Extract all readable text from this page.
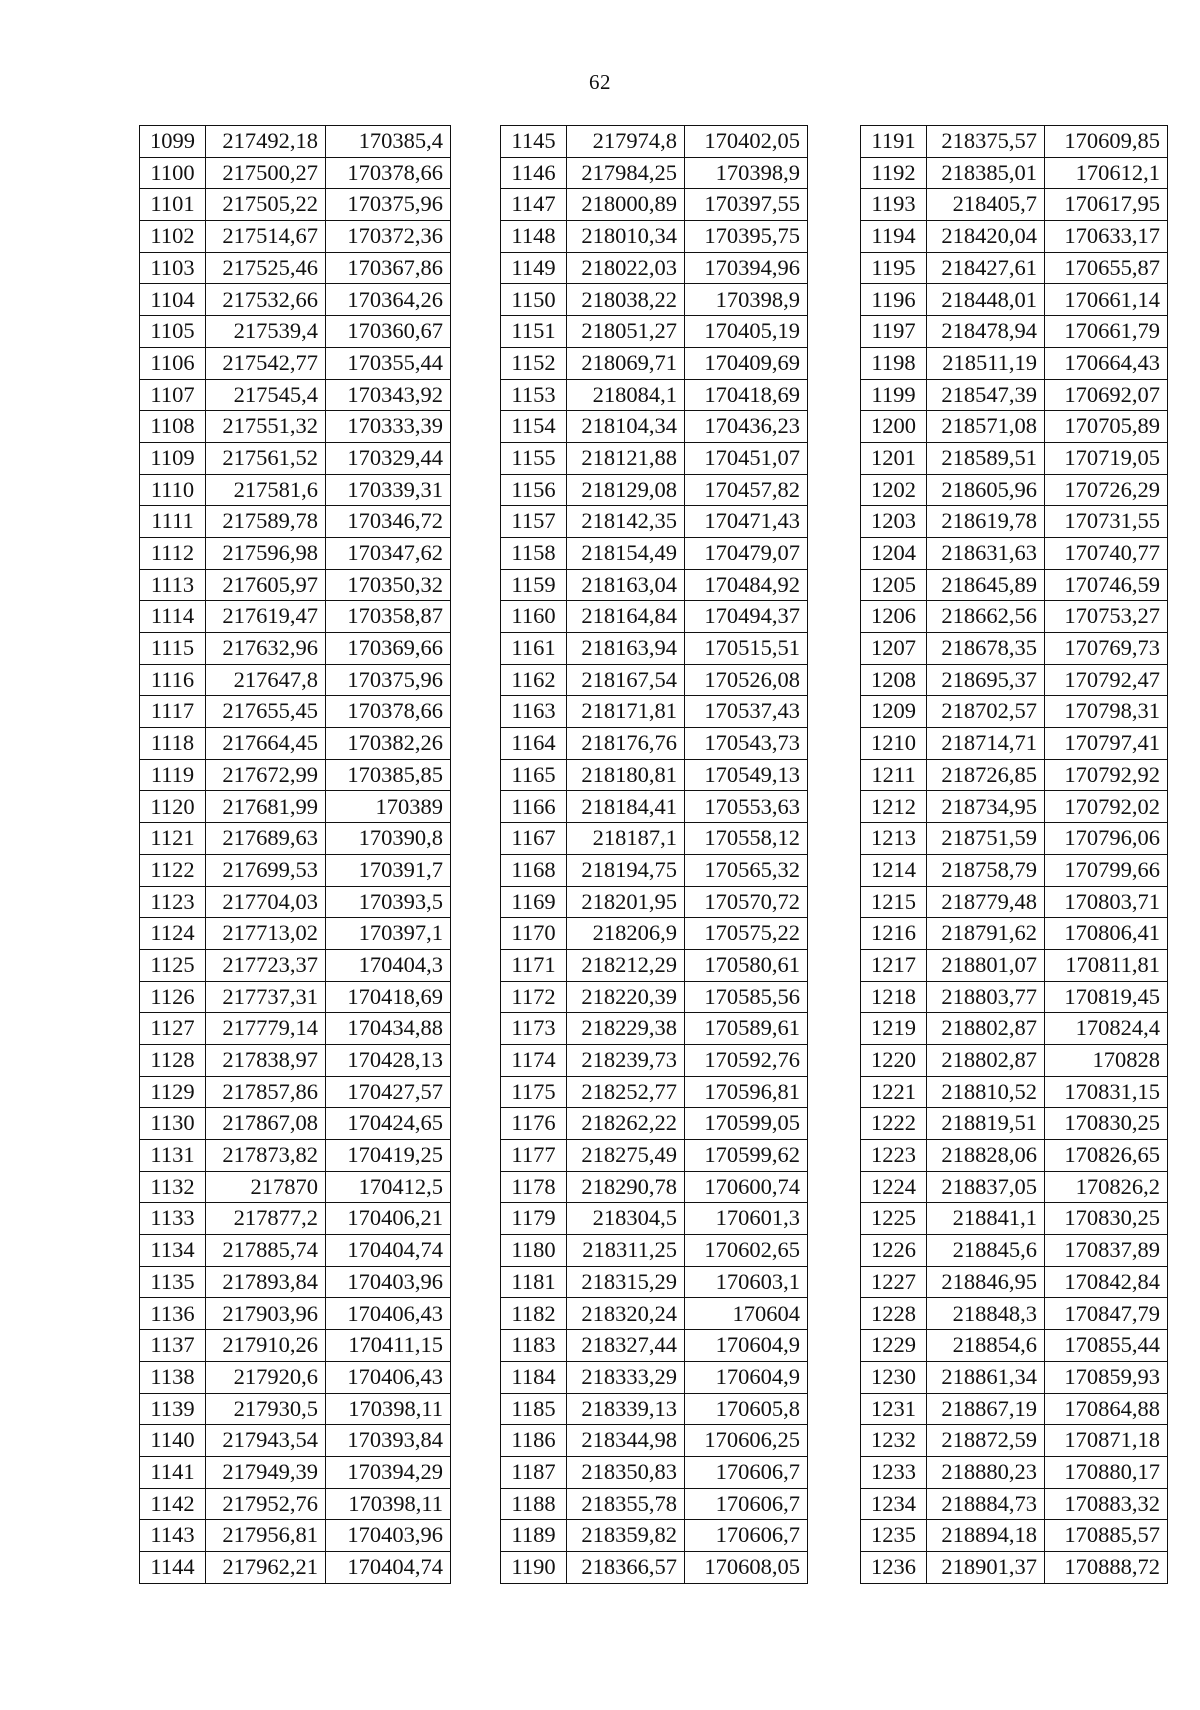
62
1099	217492,18	170385,4
1100	217500,27	170378,66
1101	217505,22	170375,96
1102	217514,67	170372,36
1103	217525,46	170367,86
1104	217532,66	170364,26
1105	217539,4	170360,67
1106	217542,77	170355,44
1107	217545,4	170343,92
1108	217551,32	170333,39
1109	217561,52	170329,44
1110	217581,6	170339,31
1111	217589,78	170346,72
1112	217596,98	170347,62
1113	217605,97	170350,32
1114	217619,47	170358,87
1115	217632,96	170369,66
1116	217647,8	170375,96
1117	217655,45	170378,66
1118	217664,45	170382,26
1119	217672,99	170385,85
1120	217681,99	170389
1121	217689,63	170390,8
1122	217699,53	170391,7
1123	217704,03	170393,5
1124	217713,02	170397,1
1125	217723,37	170404,3
1126	217737,31	170418,69
1127	217779,14	170434,88
1128	217838,97	170428,13
1129	217857,86	170427,57
1130	217867,08	170424,65
1131	217873,82	170419,25
1132	217870	170412,5
1133	217877,2	170406,21
1134	217885,74	170404,74
1135	217893,84	170403,96
1136	217903,96	170406,43
1137	217910,26	170411,15
1138	217920,6	170406,43
1139	217930,5	170398,11
1140	217943,54	170393,84
1141	217949,39	170394,29
1142	217952,76	170398,11
1143	217956,81	170403,96
1144	217962,21	170404,74
1145	217974,8	170402,05
1146	217984,25	170398,9
1147	218000,89	170397,55
1148	218010,34	170395,75
1149	218022,03	170394,96
1150	218038,22	170398,9
1151	218051,27	170405,19
1152	218069,71	170409,69
1153	218084,1	170418,69
1154	218104,34	170436,23
1155	218121,88	170451,07
1156	218129,08	170457,82
1157	218142,35	170471,43
1158	218154,49	170479,07
1159	218163,04	170484,92
1160	218164,84	170494,37
1161	218163,94	170515,51
1162	218167,54	170526,08
1163	218171,81	170537,43
1164	218176,76	170543,73
1165	218180,81	170549,13
1166	218184,41	170553,63
1167	218187,1	170558,12
1168	218194,75	170565,32
1169	218201,95	170570,72
1170	218206,9	170575,22
1171	218212,29	170580,61
1172	218220,39	170585,56
1173	218229,38	170589,61
1174	218239,73	170592,76
1175	218252,77	170596,81
1176	218262,22	170599,05
1177	218275,49	170599,62
1178	218290,78	170600,74
1179	218304,5	170601,3
1180	218311,25	170602,65
1181	218315,29	170603,1
1182	218320,24	170604
1183	218327,44	170604,9
1184	218333,29	170604,9
1185	218339,13	170605,8
1186	218344,98	170606,25
1187	218350,83	170606,7
1188	218355,78	170606,7
1189	218359,82	170606,7
1190	218366,57	170608,05
1191	218375,57	170609,85
1192	218385,01	170612,1
1193	218405,7	170617,95
1194	218420,04	170633,17
1195	218427,61	170655,87
1196	218448,01	170661,14
1197	218478,94	170661,79
1198	218511,19	170664,43
1199	218547,39	170692,07
1200	218571,08	170705,89
1201	218589,51	170719,05
1202	218605,96	170726,29
1203	218619,78	170731,55
1204	218631,63	170740,77
1205	218645,89	170746,59
1206	218662,56	170753,27
1207	218678,35	170769,73
1208	218695,37	170792,47
1209	218702,57	170798,31
1210	218714,71	170797,41
1211	218726,85	170792,92
1212	218734,95	170792,02
1213	218751,59	170796,06
1214	218758,79	170799,66
1215	218779,48	170803,71
1216	218791,62	170806,41
1217	218801,07	170811,81
1218	218803,77	170819,45
1219	218802,87	170824,4
1220	218802,87	170828
1221	218810,52	170831,15
1222	218819,51	170830,25
1223	218828,06	170826,65
1224	218837,05	170826,2
1225	218841,1	170830,25
1226	218845,6	170837,89
1227	218846,95	170842,84
1228	218848,3	170847,79
1229	218854,6	170855,44
1230	218861,34	170859,93
1231	218867,19	170864,88
1232	218872,59	170871,18
1233	218880,23	170880,17
1234	218884,73	170883,32
1235	218894,18	170885,57
1236	218901,37	170888,72
